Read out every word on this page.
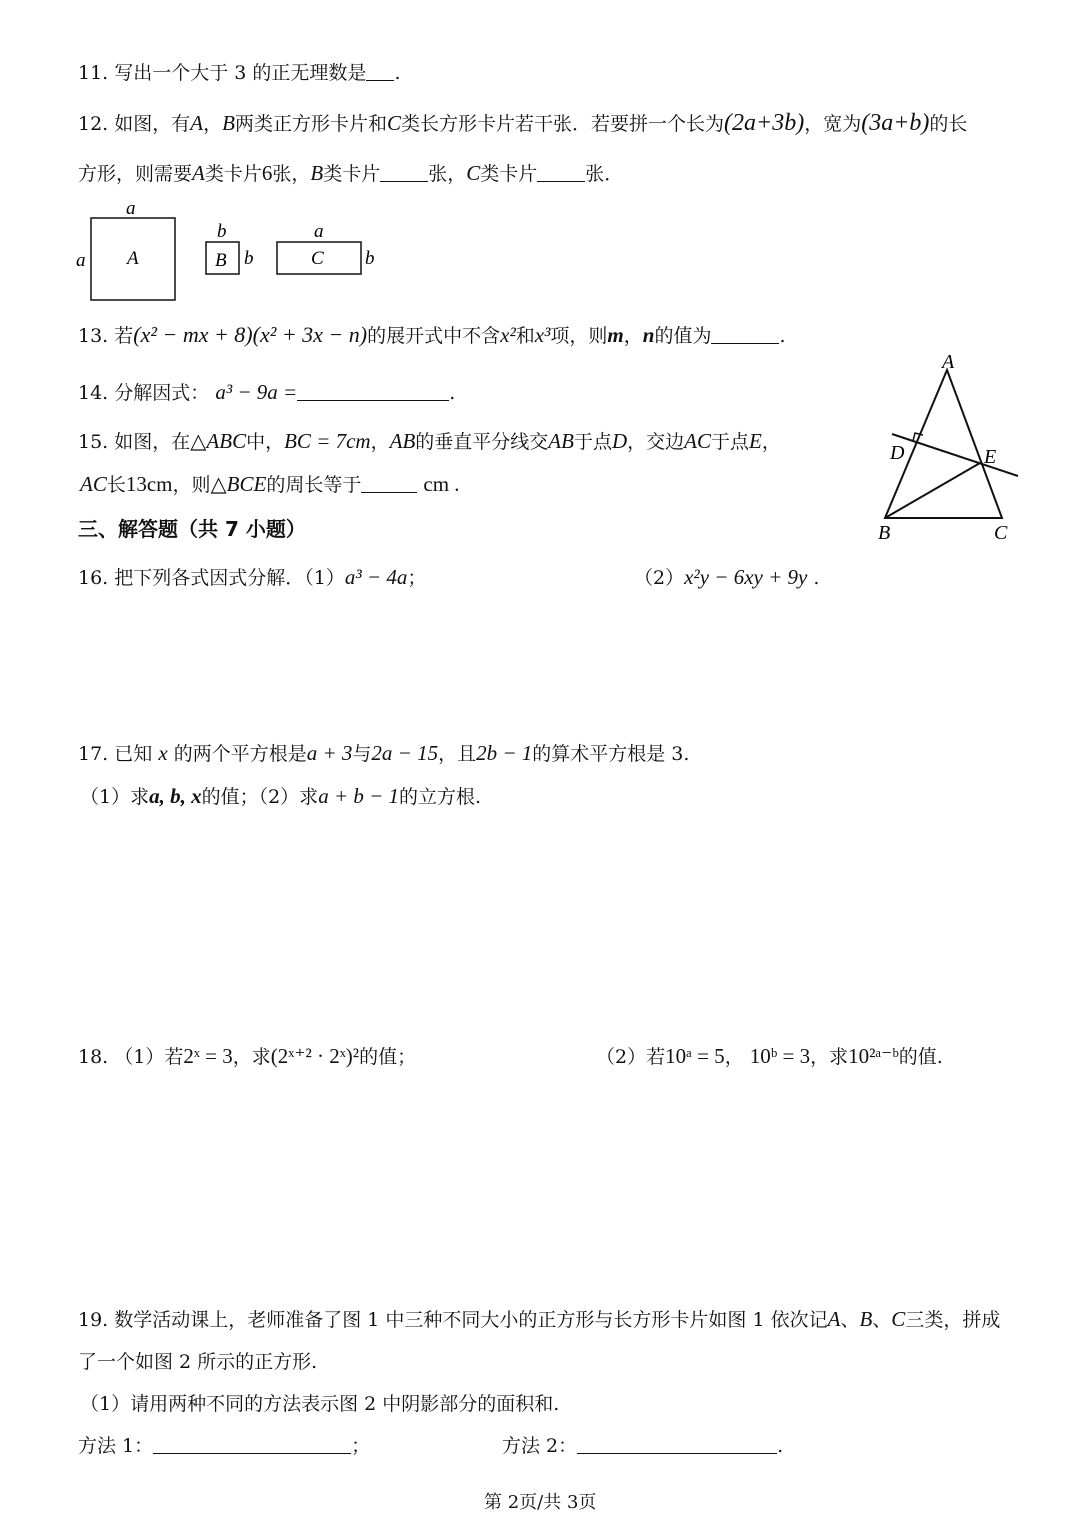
11. 写出一个大于 3 的正无理数是 .
12. 如图，有A，B两类正方形卡片和C类长方形卡片若干张．若要拼一个长为(2a+3b)，宽为(3a+b)的长
方形，则需要A类卡片6张，B类卡片	张，C类卡片	张．
a
a A
b
b
B
a
b
C
13. 若(x² − mx + 8)(x² + 3x − n)的展开式中不含x²和x³项，则m，n的值为	.
14. 分解因式： a³ − 9a =	.
15. 如图，在△ABC中，BC = 7cm，AB的垂直平分线交AB于点D，交边AC于点E，
AC长13cm，则△BCE的周长等于	cm .
A
B	C
D	E
三、解答题（共 7 小题）
16. 把下列各式因式分解．（1）a³ − 4a；	（2）x²y − 6xy + 9y .
17. 已知 x 的两个平方根是a + 3与2a − 15，且2b − 1的算术平方根是 3.
（1）求a, b, x的值；（2）求a + b − 1的立方根.
18. （1）若2ˣ = 3，求(2ˣ⁺² · 2ˣ)²的值；	（2）若10ᵃ = 5， 10ᵇ = 3，求10²ᵃ⁻ᵇ的值.
19. 数学活动课上，老师准备了图 1 中三种不同大小的正方形与长方形卡片如图 1 依次记A、B、C三类，拼成
了一个如图 2 所示的正方形.
（1）请用两种不同的方法表示图 2 中阴影部分的面积和.
方法 1：	；	方法 2：	.
第 2页/共 3页
